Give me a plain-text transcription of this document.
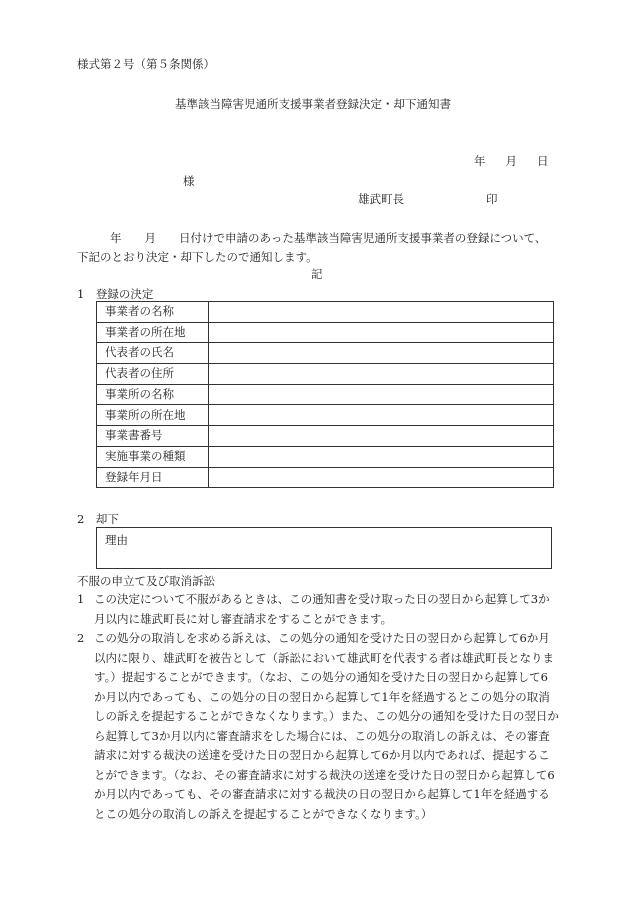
様式第２号（第５条関係）
基準該当障害児通所支援事業者登録決定・却下通知書
年 月 日
様
雄武町長	印
年　　月　　日付けで申請のあった基準該当障害児通所支援事業者の登録について、
下記のとおり決定・却下したので通知します。
記
1　登録の決定
事業者の名称	
事業者の所在地	
代表者の氏名	
代表者の住所	
事業所の名称	
事業所の所在地	
事業書番号	
実施事業の種類	
登録年月日	
2　却下
理由
不服の申立て及び取消訴訟
1 この決定について不服があるときは、この通知書を受け取った日の翌日から起算して3か月以内に雄武町長に対し審査請求をすることができます。
2 この処分の取消しを求める訴えは、この処分の通知を受けた日の翌日から起算して6か月以内に限り、雄武町を被告として（訴訟において雄武町を代表する者は雄武町長となります。）提起することができます。（なお、この処分の通知を受けた日の翌日から起算して6か月以内であっても、この処分の日の翌日から起算して1年を経過するとこの処分の取消しの訴えを提起することができなくなります。）また、この処分の通知を受けた日の翌日から起算して3か月以内に審査請求をした場合には、この処分の取消しの訴えは、その審査請求に対する裁決の送達を受けた日の翌日から起算して6か月以内であれば、提起することができます。（なお、その審査請求に対する裁決の送達を受けた日の翌日から起算して6か月以内であっても、その審査請求に対する裁決の日の翌日から起算して1年を経過するとこの処分の取消しの訴えを提起することができなくなります。）
